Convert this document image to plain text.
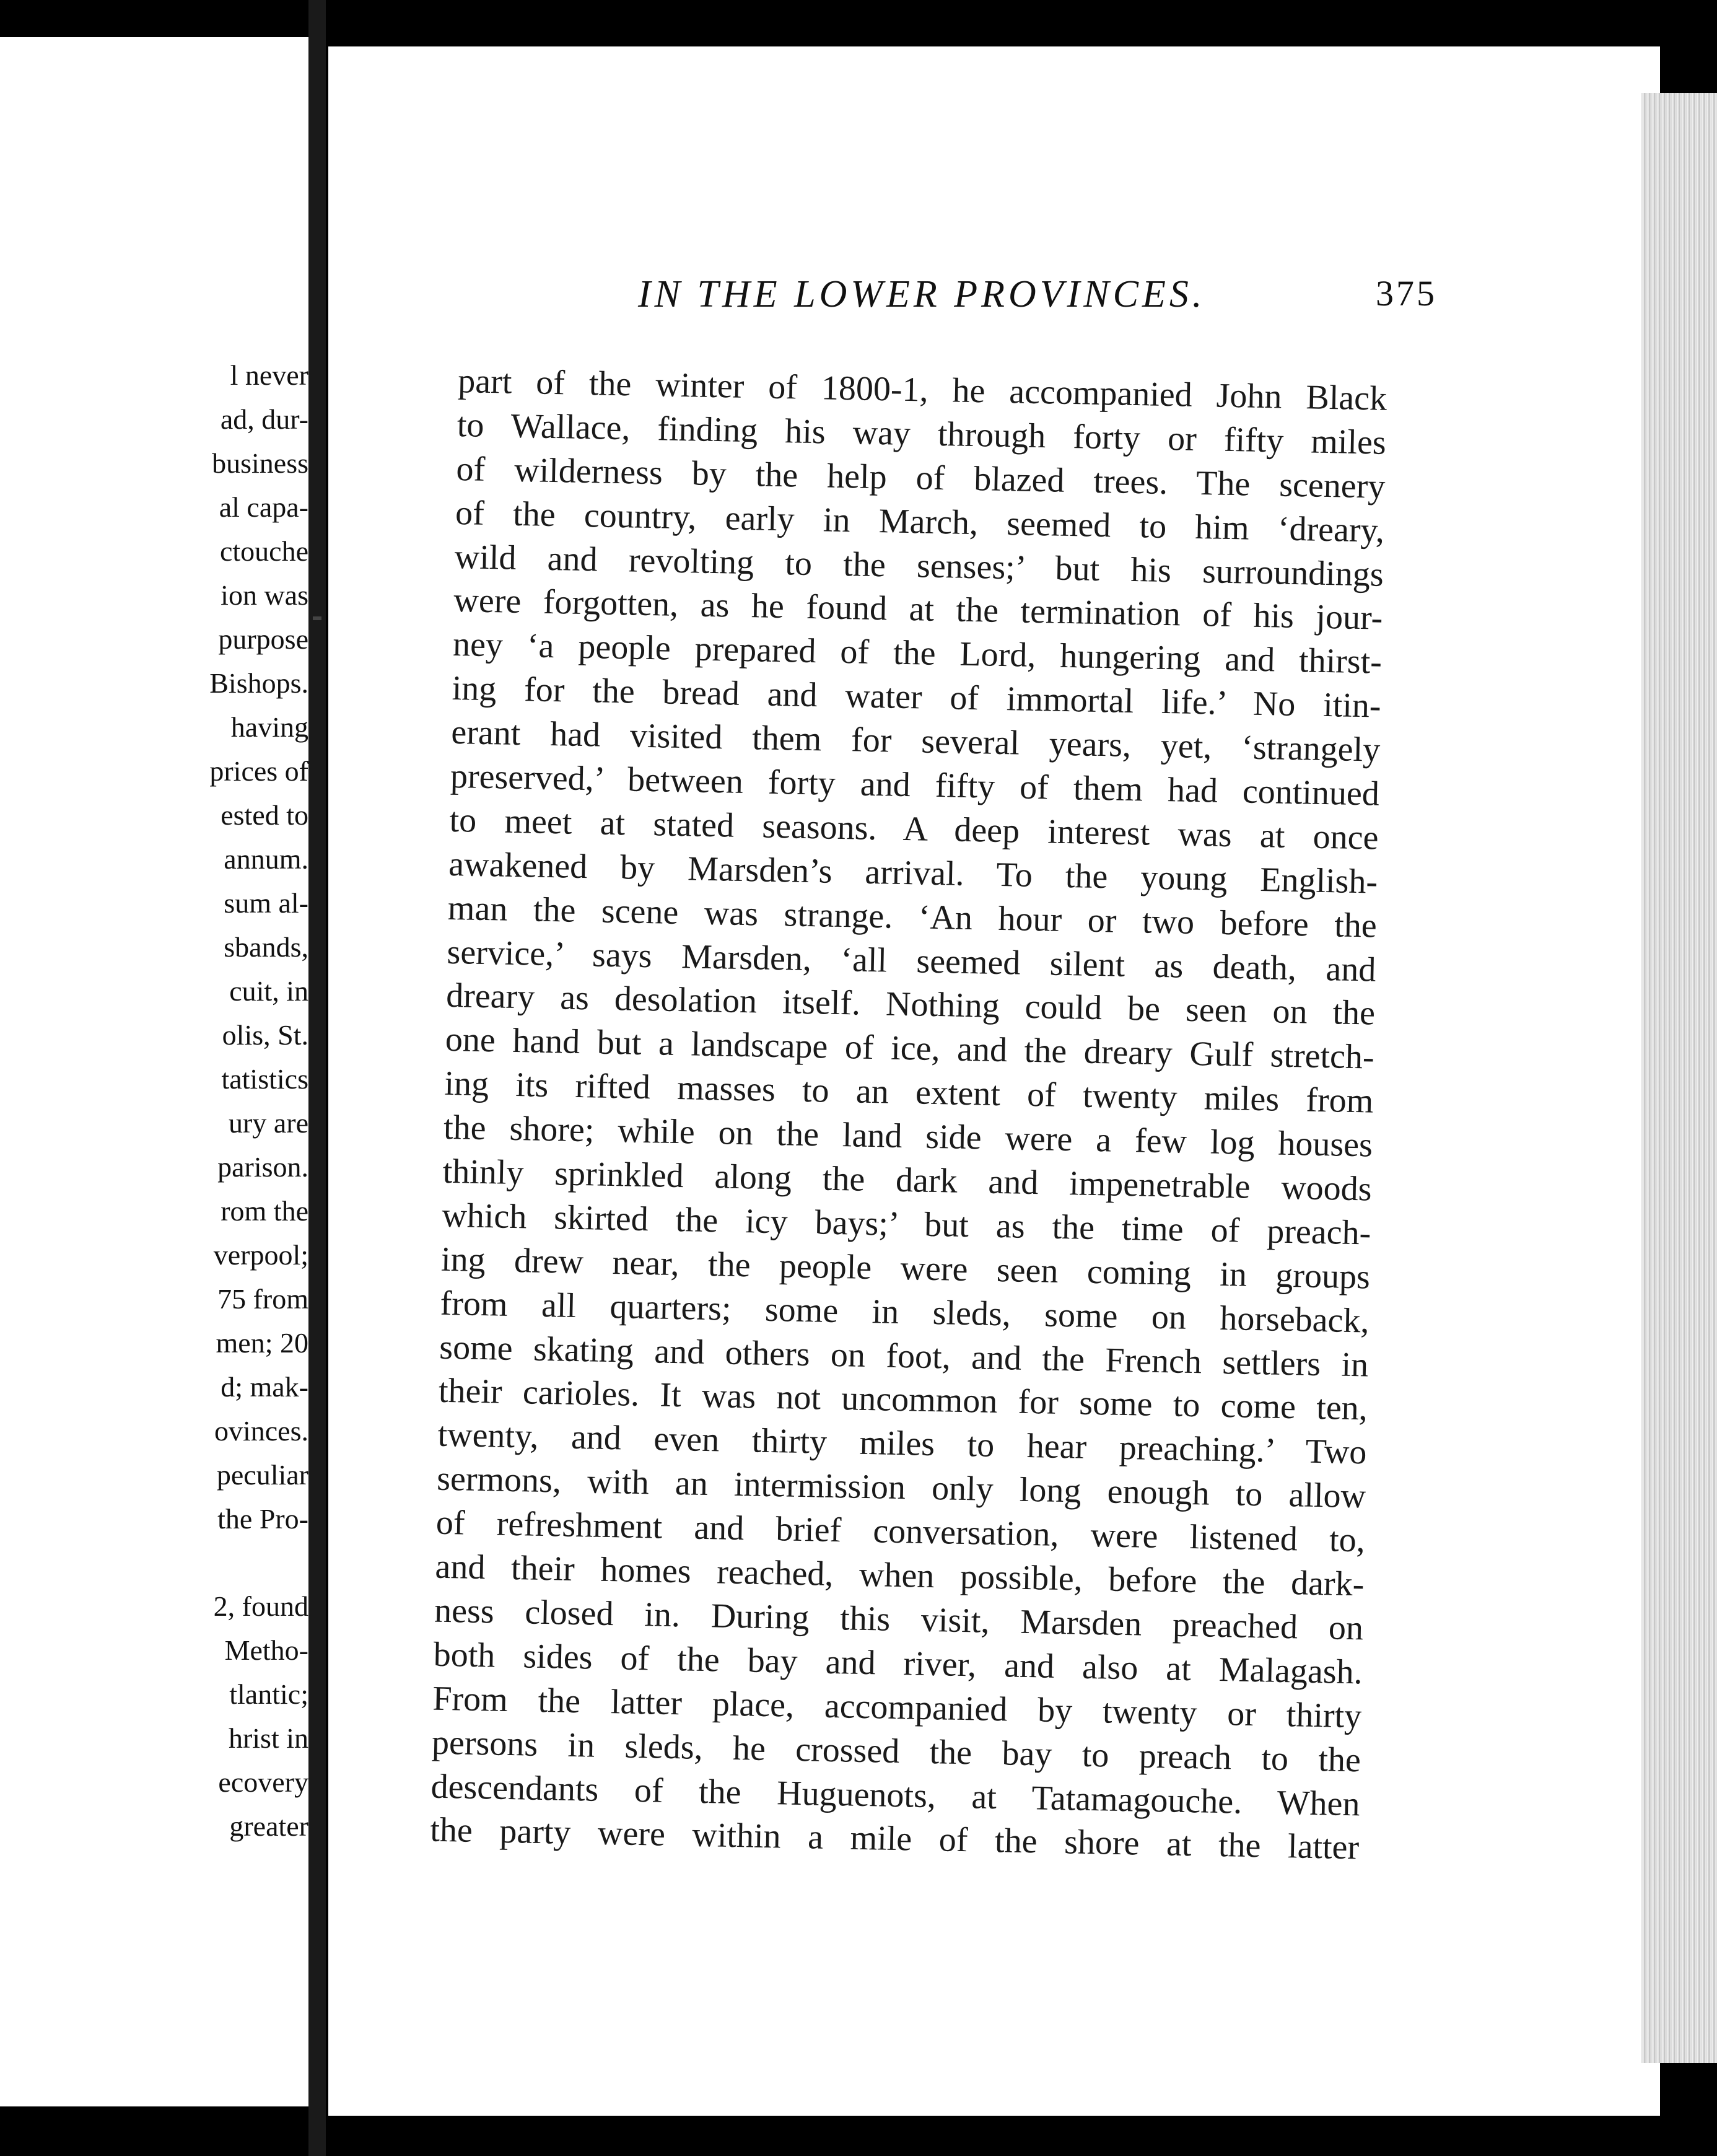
l never
ad, dur-
business
al capa-
ctouche
ion was
purpose
Bishops.
having
prices of
ested to
annum.
sum al-
sbands,
cuit, in
olis, St.
tatistics
ury are
parison.
rom the
verpool;
75 from
men; 20
d; mak-
ovinces.
peculiar
the Pro-
2, found
Metho-
tlantic;
hrist in
ecovery
greater
IN THE LOWER PROVINCES.	375
part of the winter of 1800-1, he accompanied John Black
to Wallace, finding his way through forty or fifty miles
of wilderness by the help of blazed trees. The scenery
of the country, early in March, seemed to him ‘dreary,
wild and revolting to the senses;’ but his surroundings
were forgotten, as he found at the termination of his jour-
ney ‘a people prepared of the Lord, hungering and thirst-
ing for the bread and water of immortal life.’ No itin-
erant had visited them for several years, yet, ‘strangely
preserved,’ between forty and fifty of them had continued
to meet at stated seasons. A deep interest was at once
awakened by Marsden’s arrival. To the young English-
man the scene was strange. ‘An hour or two before the
service,’ says Marsden, ‘all seemed silent as death, and
dreary as desolation itself. Nothing could be seen on the
one hand but a landscape of ice, and the dreary Gulf stretch-
ing its rifted masses to an extent of twenty miles from
the shore; while on the land side were a few log houses
thinly sprinkled along the dark and impenetrable woods
which skirted the icy bays;’ but as the time of preach-
ing drew near, the people were seen coming in groups
from all quarters; some in sleds, some on horseback,
some skating and others on foot, and the French settlers in
their carioles. It was not uncommon for some to come ten,
twenty, and even thirty miles to hear preaching.’ Two
sermons, with an intermission only long enough to allow
of refreshment and brief conversation, were listened to,
and their homes reached, when possible, before the dark-
ness closed in. During this visit, Marsden preached on
both sides of the bay and river, and also at Malagash.
From the latter place, accompanied by twenty or thirty
persons in sleds, he crossed the bay to preach to the
descendants of the Huguenots, at Tatamagouche. When
the party were within a mile of the shore at the latter
